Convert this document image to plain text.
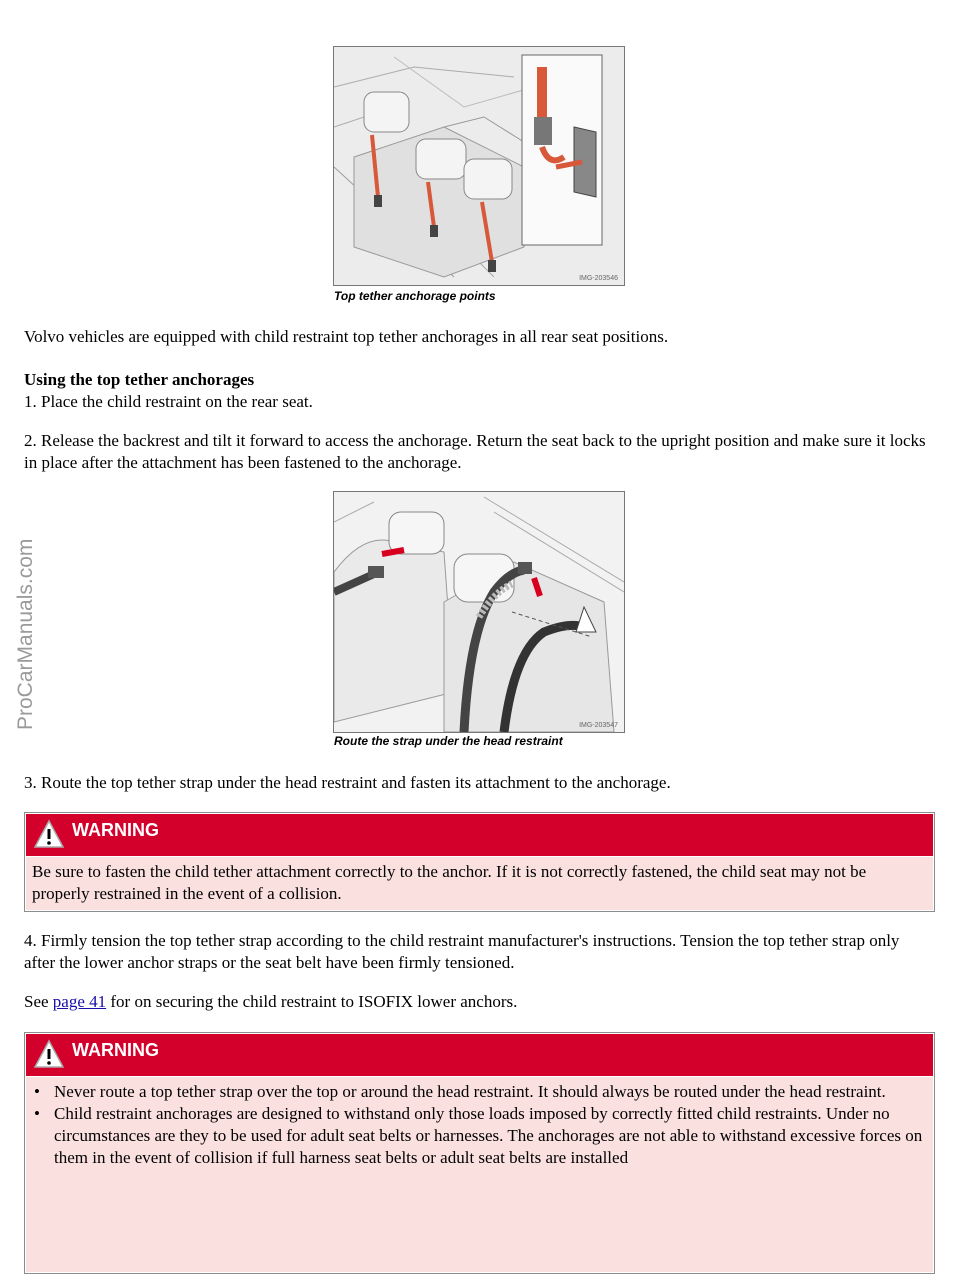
ProCarManuals.com
IMG-203546
Top tether anchorage points

Volvo vehicles are equipped with child restraint top tether anchorages in all rear seat positions.

Using the top tether anchorages

1. Place the child restraint on the rear seat.

2. Release the backrest and tilt it forward to access the anchorage. Return the seat back to the upright position and make sure it locks in place after the attachment has been fastened to the anchorage.

IMG-203547
Route the strap under the head restraint

3. Route the top tether strap under the head restraint and fasten its attachment to the anchorage.

WARNING
Be sure to fasten the child tether attachment correctly to the anchor. If it is not correctly fastened, the child seat may not be properly restrained in the event of a collision.

4. Firmly tension the top tether strap according to the child restraint manufacturer's instructions. Tension the top tether strap only after the lower anchor straps or the seat belt have been firmly tensioned.

See page 41 for on securing the child restraint to ISOFIX lower anchors.

WARNING
• Never route a top tether strap over the top or around the head restraint. It should always be routed under the head restraint.
• Child restraint anchorages are designed to withstand only those loads imposed by correctly fitted child restraints. Under no circumstances are they to be used for adult seat belts or harnesses. The anchorages are not able to withstand excessive forces on them in the event of collision if full harness seat belts or adult seat belts are installed
